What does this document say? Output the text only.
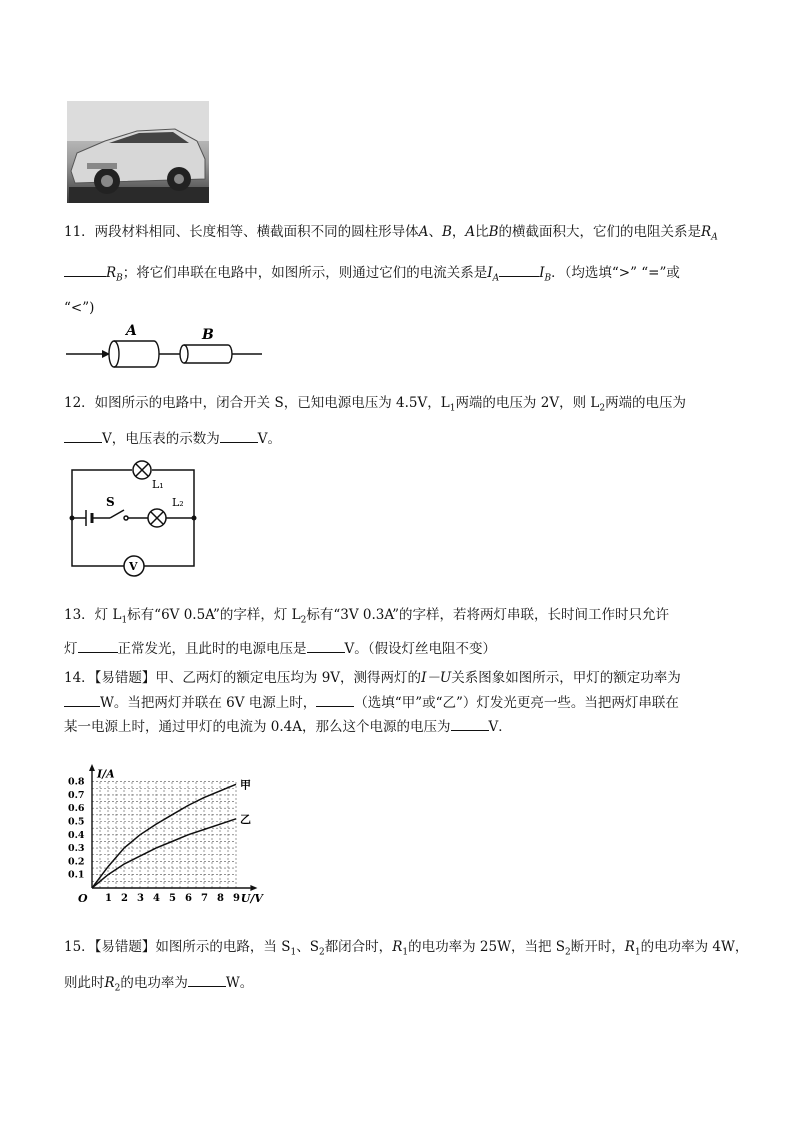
11．两段材料相同、长度相等、横截面积不同的圆柱形导体A、B，A比B的横截面积大，它们的电阻关系是$R_A$
$R_B$；将它们串联在电路中，如图所示，则通过它们的电流关系是$I_A$	$I_B$．（均选填“>” “=”或
“<”)
A	B
12．如图所示的电路中，闭合开关 S，已知电源电压为 4.5V，$L_1$两端的电压为 2V，则 $L_2$两端的电压为
V，电压表的示数为	V。
S
L₁
L₂
V
13．灯 $L_1$标有“6V 0.5A”的字样，灯 $L_2$标有“3V 0.3A”的字样，若将两灯串联，长时间工作时只允许
灯	正常发光，且此时的电源电压是	V。（假设灯丝电阻不变）
14．【易错题】甲、乙两灯的额定电压均为 9V，测得两灯的I－U关系图象如图所示，甲灯的额定功率为
W。当把两灯并联在 6V 电源上时，	（选填“甲”或“乙”）灯发光更亮一些。当把两灯串联在
某一电源上时，通过甲灯的电流为 0.4A，那么这个电源的电压为	V．
1 2 3 4 5 6 7 8 9
0.1
0.2
0.3
0.4
0.5
0.6
0.7
0.8
O
I/A
U/V
甲
乙
15．【易错题】如图所示的电路，当 $S_1$、$S_2$都闭合时，$R_1$的电功率为 25W，当把 $S_2$断开时，$R_1$的电功率为 4W，
则此时$R_2$的电功率为	W。
